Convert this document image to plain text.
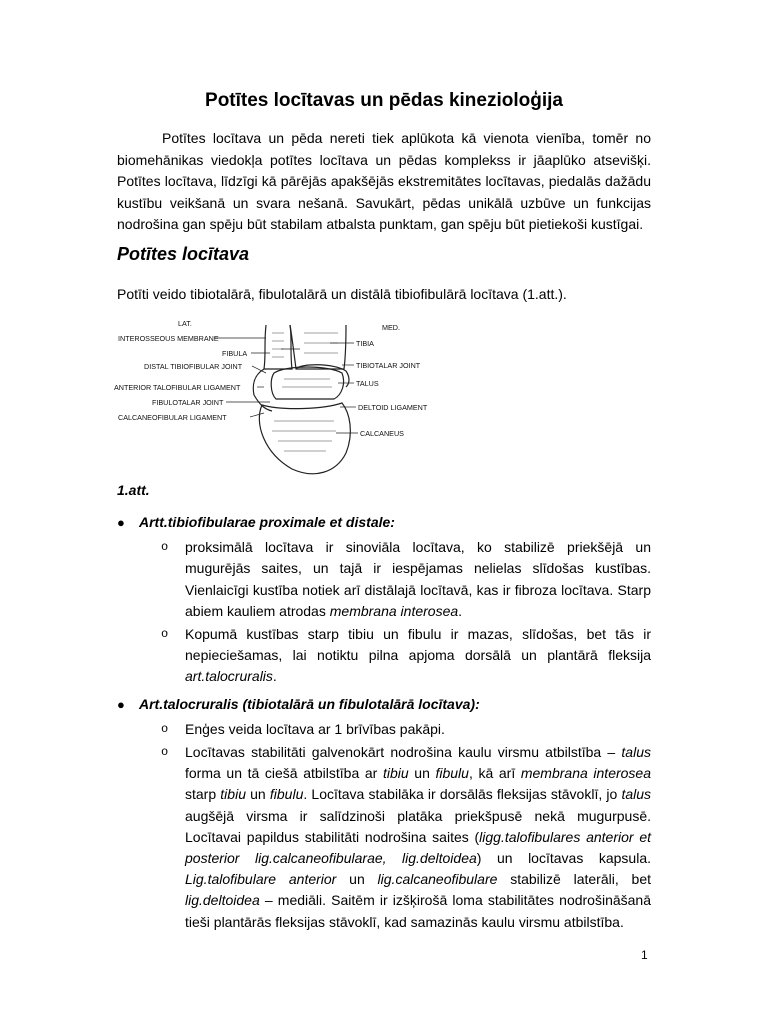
Potītes locītavas un pēdas kinezioloģija

Potītes locītava un pēda nereti tiek aplūkota kā vienota vienība, tomēr no biomehānikas viedokļa potītes locītava un pēdas komplekss ir jāaplūko atsevišķi. Potītes locītava, līdzīgi kā pārējās apakšējās ekstremitātes locītavas, piedalās dažādu kustību veikšanā un svara nešanā. Savukārt, pēdas unikālā uzbūve un funkcijas nodrošina gan spēju būt stabilam atbalsta punktam, gan spēju būt pietiekoši kustīgai.

Potītes locītava

Potīti veido tibiotalārā, fibulotalārā un distālā tibiofibulārā locītava (1.att.).

LAT.	MED.
INTEROSSEOUS MEMBRANE
FIBULA
DISTAL TIBIOFIBULAR JOINT
ANTERIOR TALOFIBULAR LIGAMENT
FIBULOTALAR JOINT
CALCANEOFIBULAR LIGAMENT
TIBIA
TIBIOTALAR JOINT
TALUS
DELTOID LIGAMENT
CALCANEUS

1.att.

● Artt.tibiofibularae proximale et distale:
o proksimālā locītava ir sinoviāla locītava, ko stabilizē priekšējā un mugurējās saites, un tajā ir iespējamas nelielas slīdošas kustības. Vienlaicīgi kustība notiek arī distālajā locītavā, kas ir fibroza locītava. Starp abiem kauliem atrodas membrana interosea.
o Kopumā kustības starp tibiu un fibulu ir mazas, slīdošas, bet tās ir nepieciešamas, lai notiktu pilna apjoma dorsālā un plantārā fleksija art.talocruralis.
● Art.talocruralis (tibiotalārā un fibulotalārā locītava):
o Enģes veida locītava ar 1 brīvības pakāpi.
o Locītavas stabilitāti galvenokārt nodrošina kaulu virsmu atbilstība – talus forma un tā ciešā atbilstība ar tibiu un fibulu, kā arī membrana interosea starp tibiu un fibulu. Locītava stabilāka ir dorsālās fleksijas stāvoklī, jo talus augšējā virsma ir salīdzinoši platāka priekšpusē nekā mugurpusē. Locītavai papildus stabilitāti nodrošina saites (ligg.talofibulares anterior et posterior lig.calcaneofibularae, lig.deltoidea) un locītavas kapsula. Lig.talofibulare anterior un lig.calcaneofibulare stabilizē laterāli, bet lig.deltoidea – mediāli. Saitēm ir izšķirošā loma stabilitātes nodrošināšanā tieši plantārās fleksijas stāvoklī, kad samazinās kaulu virsmu atbilstība.

1
